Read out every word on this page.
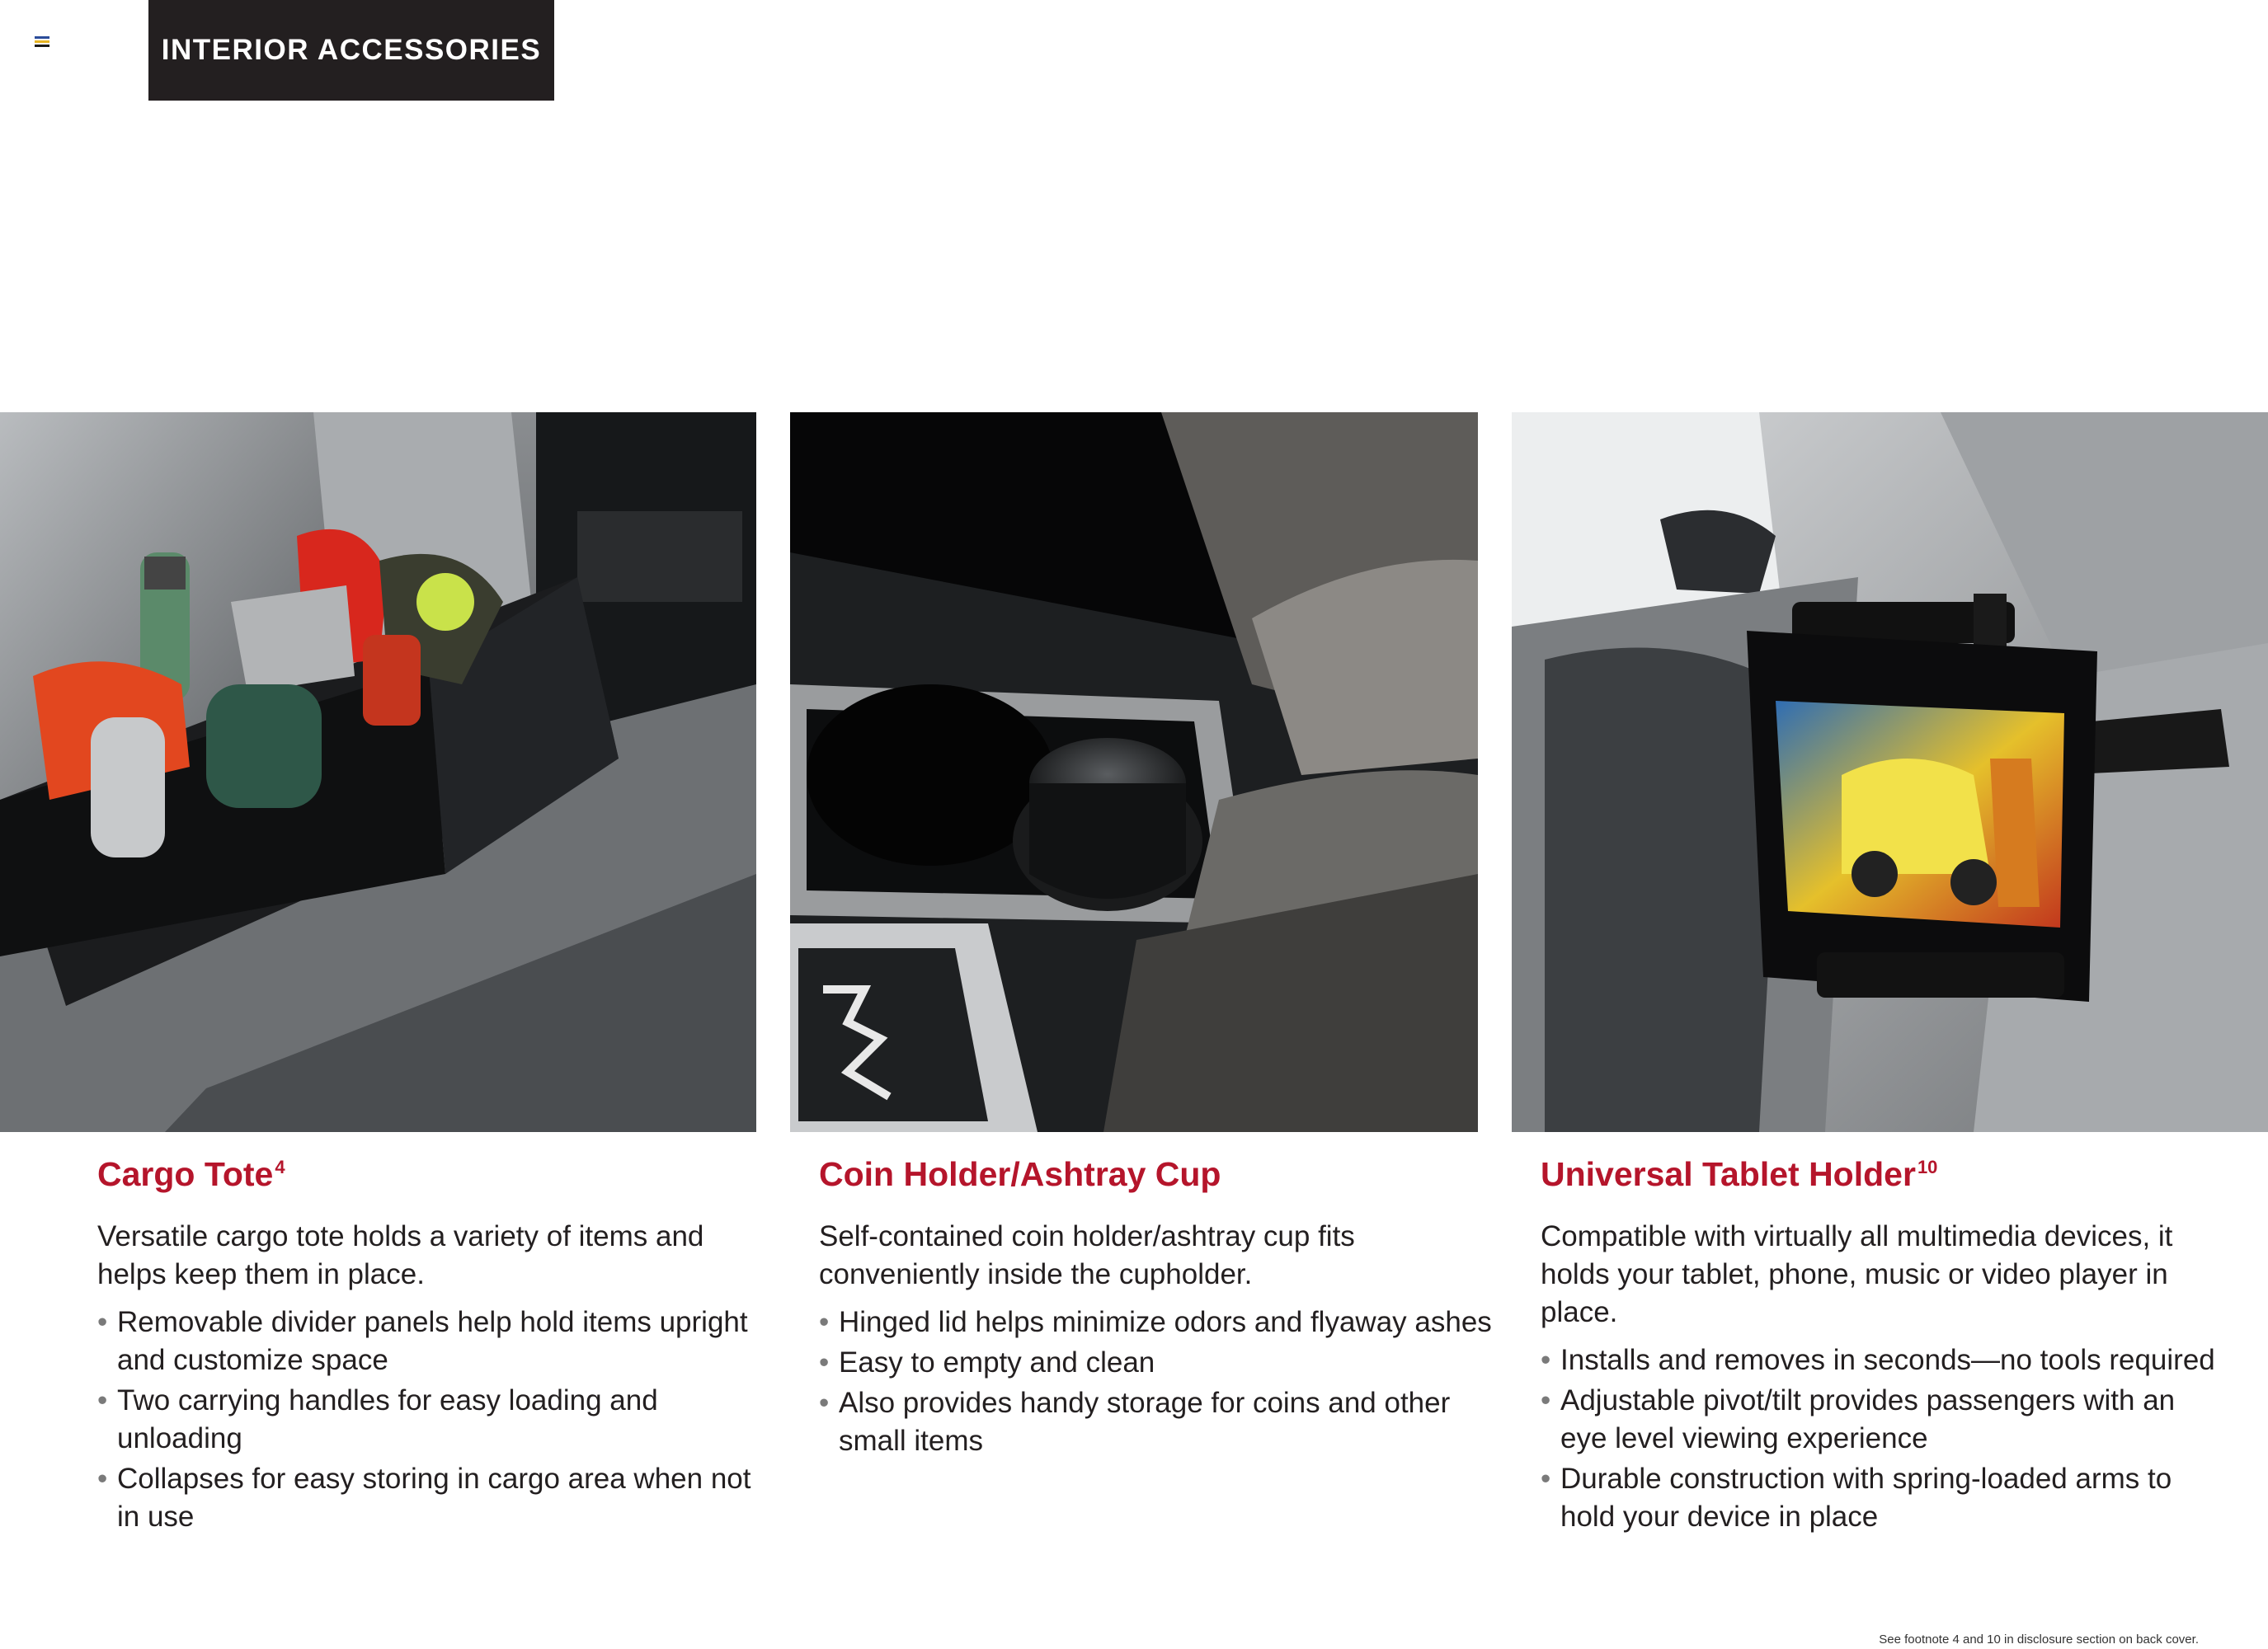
INTERIOR ACCESSORIES
Cargo Tote$^4$

Versatile cargo tote holds a variety of items and helps keep them in place.

• Removable divider panels help hold items upright and customize space
• Two carrying handles for easy loading and unloading
• Collapses for easy storing in cargo area when not in use
Coin Holder/Ashtray Cup

Self-contained coin holder/ashtray cup fits conveniently inside the cupholder.

• Hinged lid helps minimize odors and flyaway ashes
• Easy to empty and clean
• Also provides handy storage for coins and other small items
Universal Tablet Holder$^{10}$

Compatible with virtually all multimedia devices, it holds your tablet, phone, music or video player in place.

• Installs and removes in seconds—no tools required
• Adjustable pivot/tilt provides passengers with an eye level viewing experience
• Durable construction with spring-loaded arms to hold your device in place
See footnote 4 and 10 in disclosure section on back cover.
